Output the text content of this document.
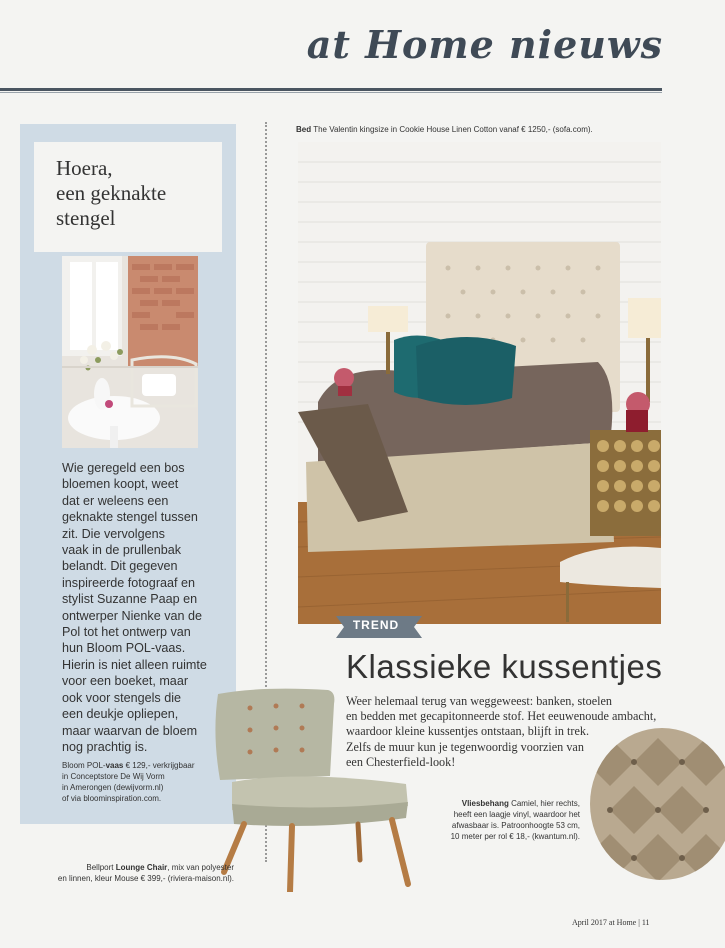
at Home nieuws
Hoera,
een geknakte
stengel
Wie geregeld een bos
bloemen koopt, weet
dat er weleens een
geknakte stengel tussen
zit. Die vervolgens
vaak in de prullenbak
belandt. Dit gegeven
inspireerde fotograaf en
stylist Suzanne Paap en
ontwerper Nienke van de
Pol tot het ontwerp van
hun Bloom POL-vaas.
Hierin is niet alleen ruimte
voor een boeket, maar
ook voor stengels die
een deukje opliepen,
maar waarvan de bloem
nog prachtig is.
Bloom POL-vaas € 129,- verkrijgbaar
in Conceptstore De Wij Vorm
in Amerongen (dewijvorm.nl)
of via bloominspiration.com.
Bed The Valentin kingsize in Cookie House Linen Cotton vanaf € 1250,- (sofa.com).
TREND
Klassieke kussentjes
Weer helemaal terug van weggeweest: banken, stoelen
en bedden met gecapitonneerde stof. Het eeuwenoude ambacht,
waardoor kleine kussentjes ontstaan, blijft in trek.
Zelfs de muur kun je tegenwoordig voorzien van
een Chesterfield-look!
Vliesbehang Camiel, hier rechts,
heeft een laagje vinyl, waardoor het
afwasbaar is. Patroonhoogte 53 cm,
10 meter per rol € 18,- (kwantum.nl).
Bellport Lounge Chair, mix van polyester
en linnen, kleur Mouse € 399,- (riviera-maison.nl).
April 2017 at Home | 11
